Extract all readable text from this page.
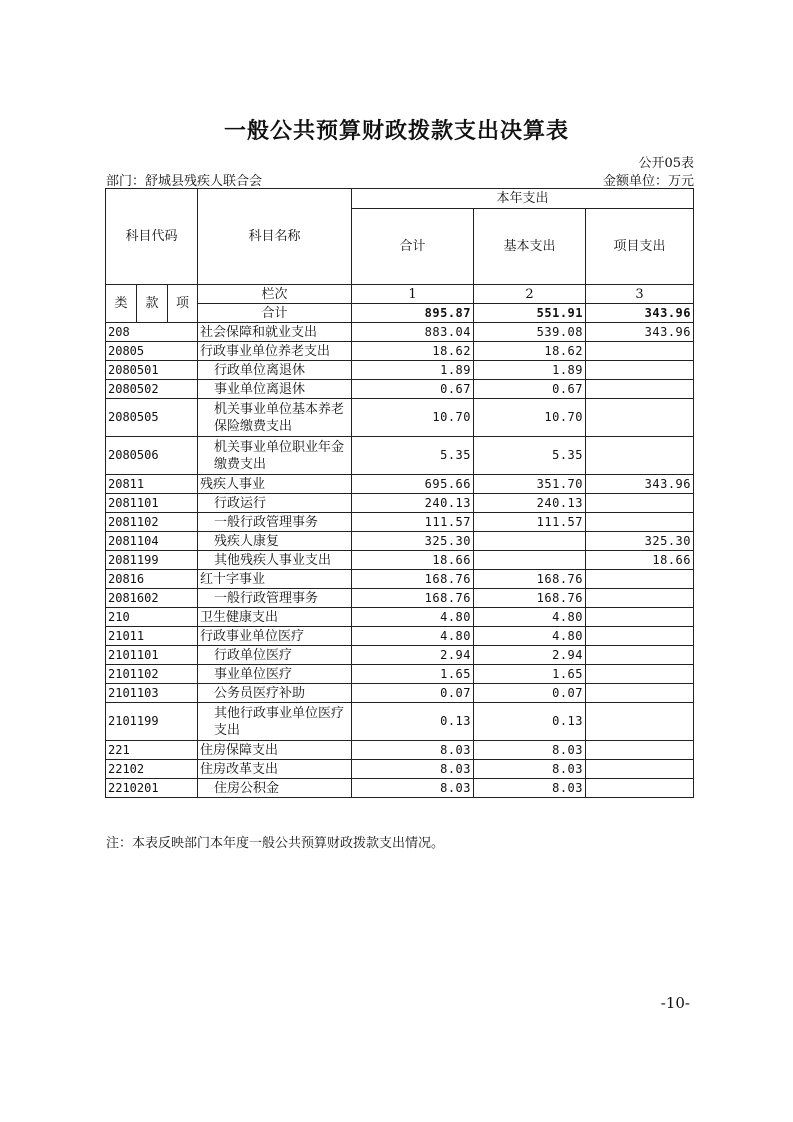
一般公共预算财政拨款支出决算表
公开05表
部门：舒城县残疾人联合会	金额单位：万元
科目代码			科目名称	本年支出		
				合计	基本支出	项目支出
类	款	项	栏次	1	2	3
			合计	895.87	551.91	343.96
208			社会保障和就业支出	883.04	539.08	343.96
20805			行政事业单位养老支出	18.62	18.62	
2080501			行政单位离退休	1.89	1.89	
2080502			事业单位离退休	0.67	0.67	
2080505			机关事业单位基本养老保险缴费支出	10.70	10.70	
2080506			机关事业单位职业年金缴费支出	5.35	5.35	
20811			残疾人事业	695.66	351.70	343.96
2081101			行政运行	240.13	240.13	
2081102			一般行政管理事务	111.57	111.57	
2081104			残疾人康复	325.30		325.30
2081199			其他残疾人事业支出	18.66		18.66
20816			红十字事业	168.76	168.76	
2081602			一般行政管理事务	168.76	168.76	
210			卫生健康支出	4.80	4.80	
21011			行政事业单位医疗	4.80	4.80	
2101101			行政单位医疗	2.94	2.94	
2101102			事业单位医疗	1.65	1.65	
2101103			公务员医疗补助	0.07	0.07	
2101199			其他行政事业单位医疗支出	0.13	0.13	
221			住房保障支出	8.03	8.03	
22102			住房改革支出	8.03	8.03	
2210201			住房公积金	8.03	8.03	
注：本表反映部门本年度一般公共预算财政拨款支出情况。
-10-
